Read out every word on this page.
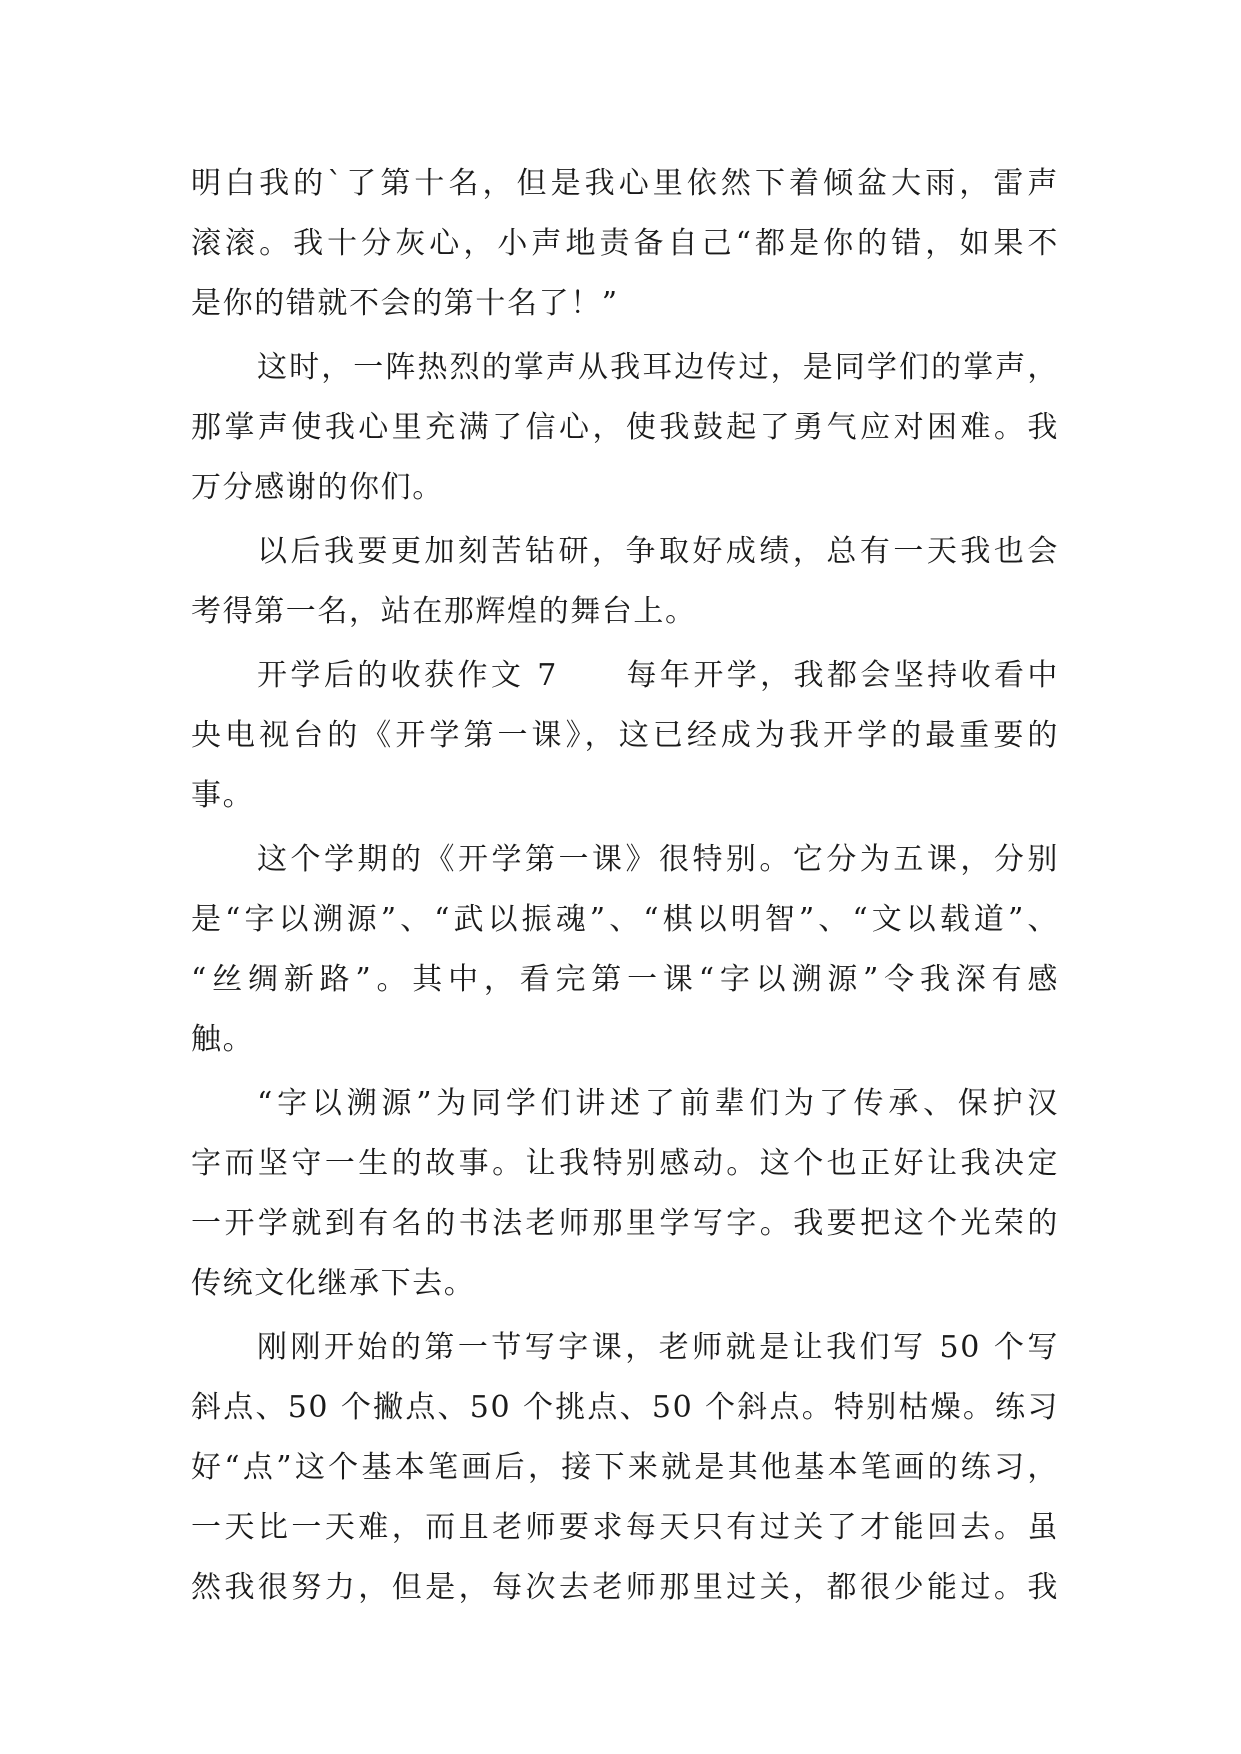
明白我的`了第十名，但是我心里依然下着倾盆大雨，雷声
滚滚。我十分灰心，小声地责备自己“都是你的错，如果不
是你的错就不会的第十名了！”
这时，一阵热烈的掌声从我耳边传过，是同学们的掌声，
那掌声使我心里充满了信心，使我鼓起了勇气应对困难。我
万分感谢的你们。
以后我要更加刻苦钻研，争取好成绩，总有一天我也会
考得第一名，站在那辉煌的舞台上。
开学后的收获作文 7　　每年开学，我都会坚持收看中
央电视台的《开学第一课》，这已经成为我开学的最重要的
事。
这个学期的《开学第一课》很特别。它分为五课，分别
是“字以溯源”、“武以振魂”、“棋以明智”、“文以载道”、
“丝绸新路”。其中，看完第一课“字以溯源”令我深有感
触。
“字以溯源”为同学们讲述了前辈们为了传承、保护汉
字而坚守一生的故事。让我特别感动。这个也正好让我决定
一开学就到有名的书法老师那里学写字。我要把这个光荣的
传统文化继承下去。
刚刚开始的第一节写字课，老师就是让我们写 50 个写
斜点、50 个撇点、50 个挑点、50 个斜点。特别枯燥。练习
好“点”这个基本笔画后，接下来就是其他基本笔画的练习，
一天比一天难，而且老师要求每天只有过关了才能回去。虽
然我很努力，但是，每次去老师那里过关，都很少能过。我
